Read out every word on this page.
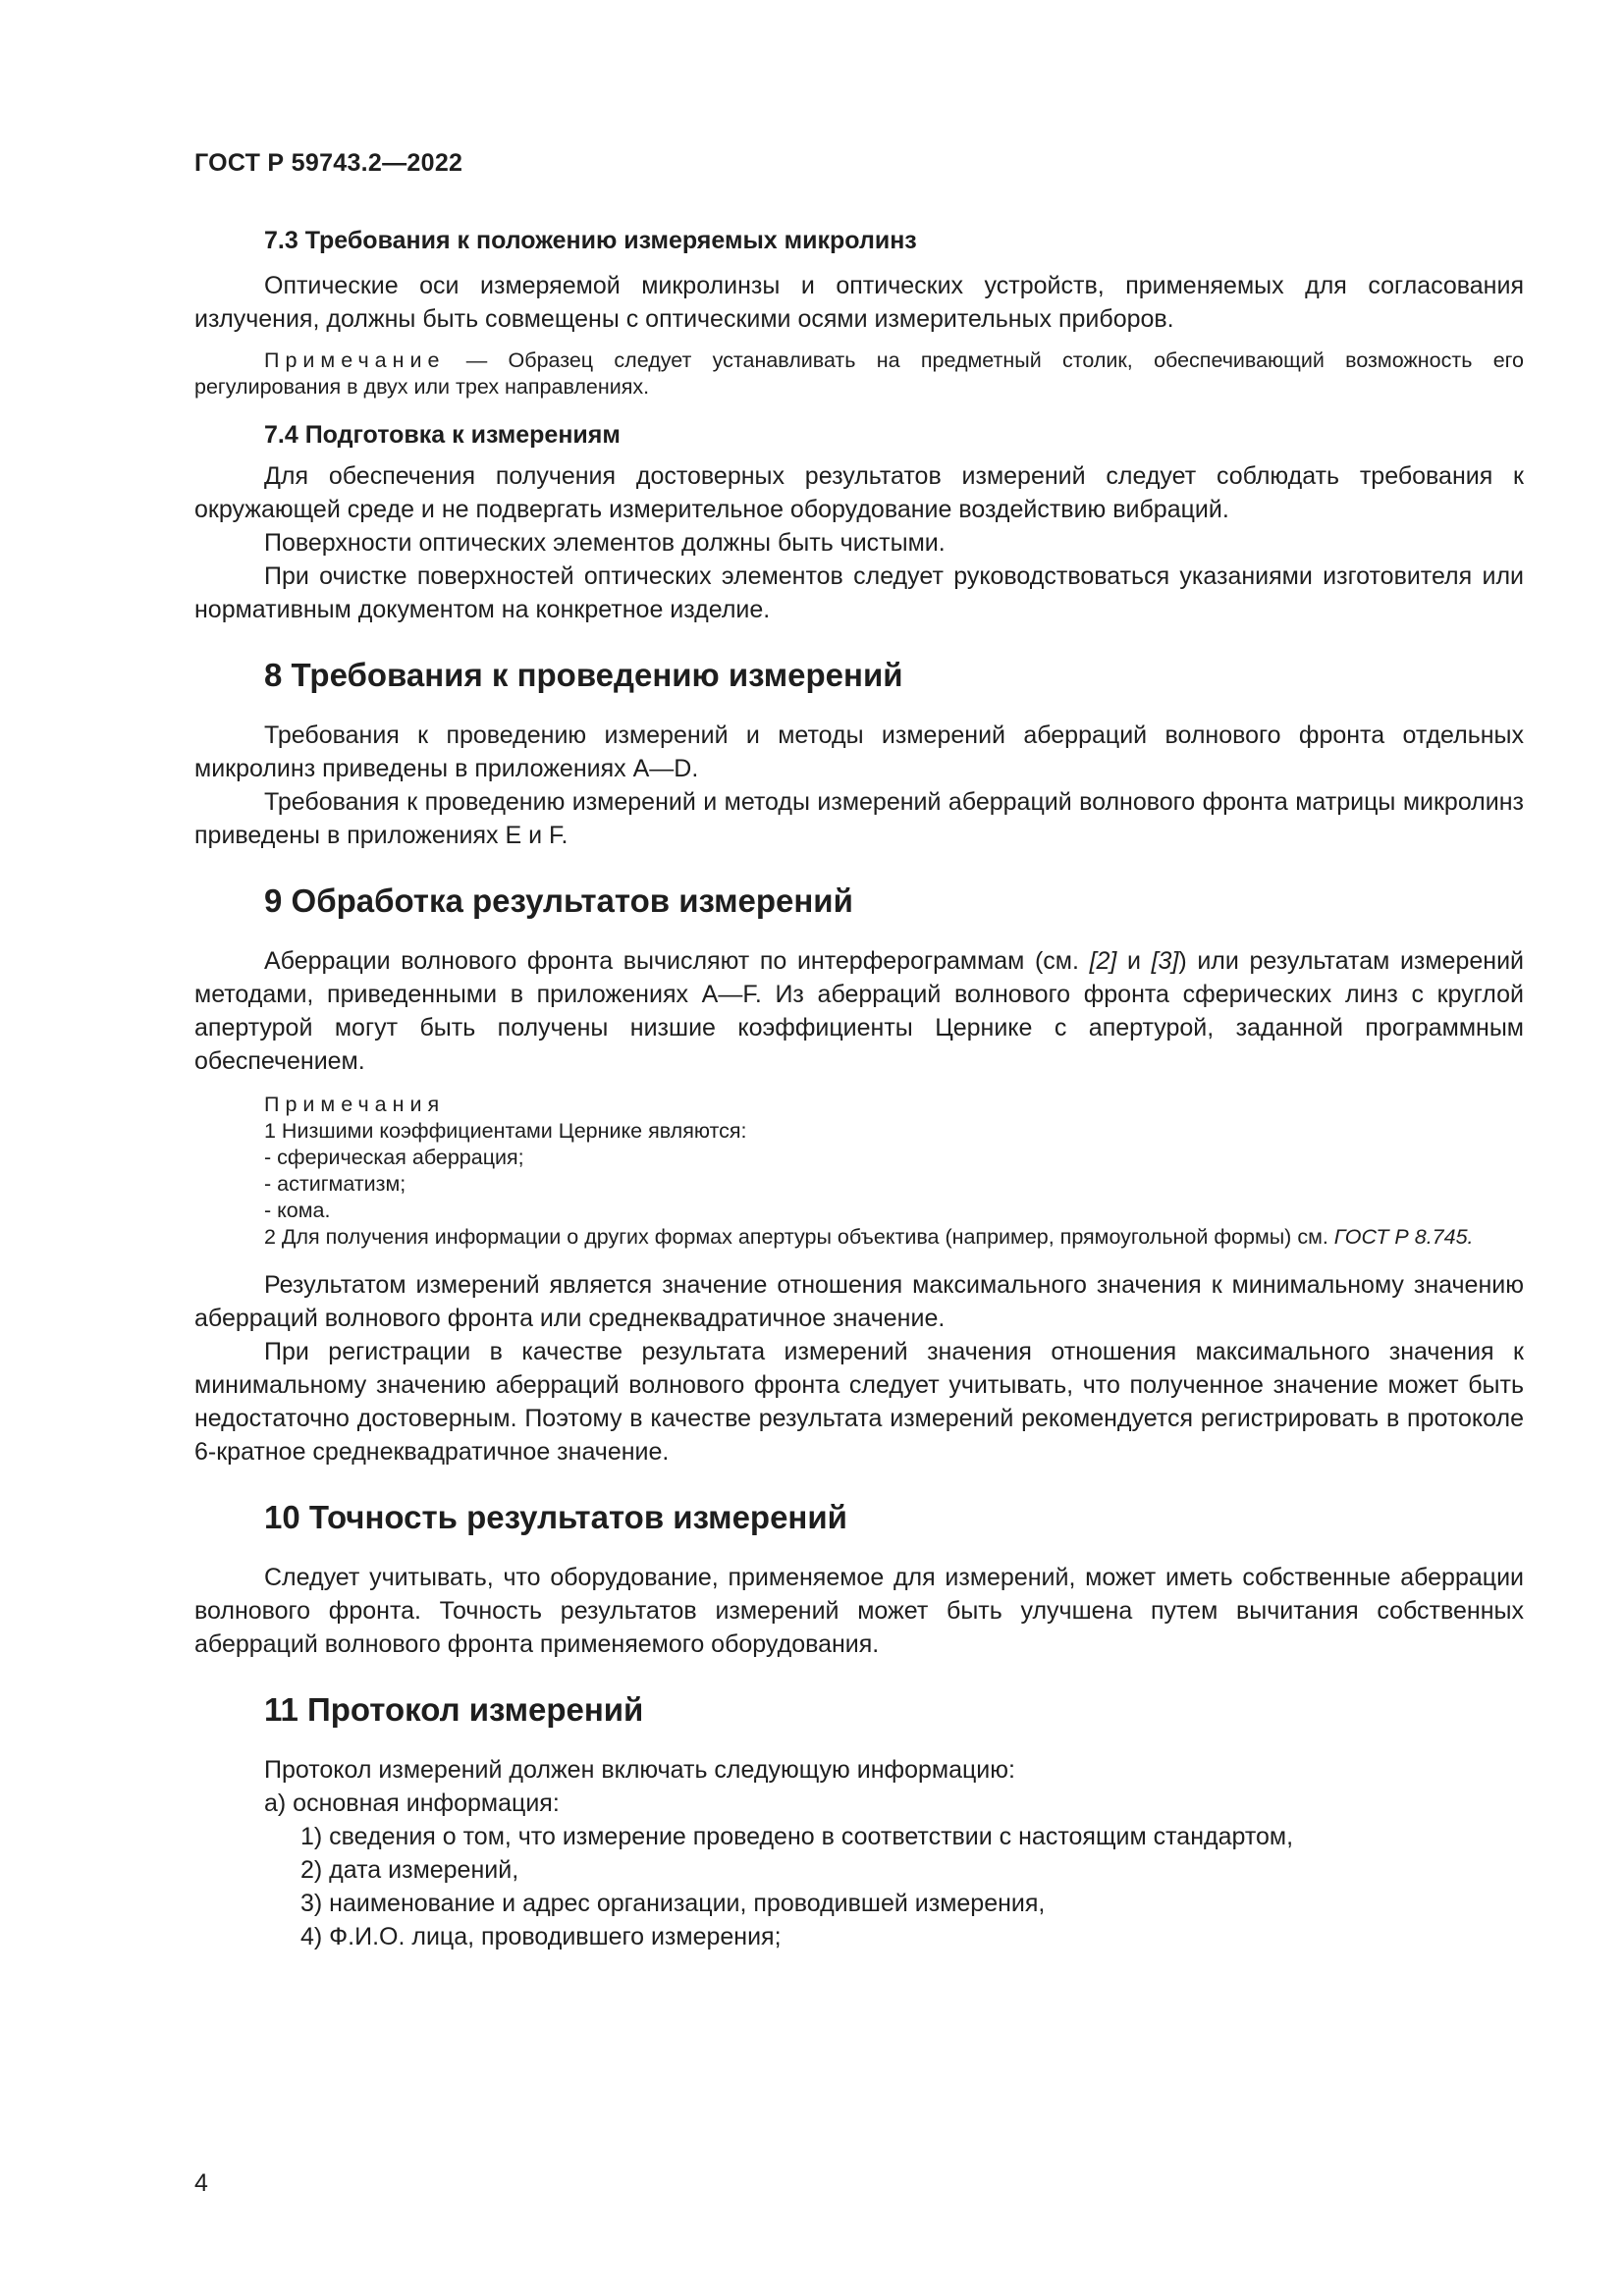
ГОСТ Р 59743.2—2022
7.3 Требования к положению измеряемых микролинз

Оптические оси измеряемой микролинзы и оптических устройств, применяемых для согласования излучения, должны быть совмещены с оптическими осями измерительных приборов.

Примечание — Образец следует устанавливать на предметный столик, обеспечивающий возможность его регулирования в двух или трех направлениях.

7.4 Подготовка к измерениям

Для обеспечения получения достоверных результатов измерений следует соблюдать требования к окружающей среде и не подвергать измерительное оборудование воздействию вибраций.

Поверхности оптических элементов должны быть чистыми.

При очистке поверхностей оптических элементов следует руководствоваться указаниями изготовителя или нормативным документом на конкретное изделие.

8 Требования к проведению измерений

Требования к проведению измерений и методы измерений аберраций волнового фронта отдельных микролинз приведены в приложениях А—D.

Требования к проведению измерений и методы измерений аберраций волнового фронта матрицы микролинз приведены в приложениях E и F.

9 Обработка результатов измерений

Аберрации волнового фронта вычисляют по интерферограммам (см. [2] и [3]) или результатам измерений методами, приведенными в приложениях А—F. Из аберраций волнового фронта сферических линз с круглой апертурой могут быть получены низшие коэффициенты Цернике с апертурой, заданной программным обеспечением.

Примечания
1 Низшими коэффициентами Цернике являются:
- сферическая аберрация;
- астигматизм;
- кома.

2 Для получения информации о других формах апертуры объектива (например, прямоугольной формы) см. ГОСТ Р 8.745.

Результатом измерений является значение отношения максимального значения к минимальному значению аберраций волнового фронта или среднеквадратичное значение.

При регистрации в качестве результата измерений значения отношения максимального значения к минимальному значению аберраций волнового фронта следует учитывать, что полученное значение может быть недостаточно достоверным. Поэтому в качестве результата измерений рекомендуется регистрировать в протоколе 6-кратное среднеквадратичное значение.

10 Точность результатов измерений

Следует учитывать, что оборудование, применяемое для измерений, может иметь собственные аберрации волнового фронта. Точность результатов измерений может быть улучшена путем вычитания собственных аберраций волнового фронта применяемого оборудования.

11 Протокол измерений

Протокол измерений должен включать следующую информацию:

а) основная информация:
1) сведения о том, что измерение проведено в соответствии с настоящим стандартом,
2) дата измерений,
3) наименование и адрес организации, проводившей измерения,
4) Ф.И.О. лица, проводившего измерения;
4
